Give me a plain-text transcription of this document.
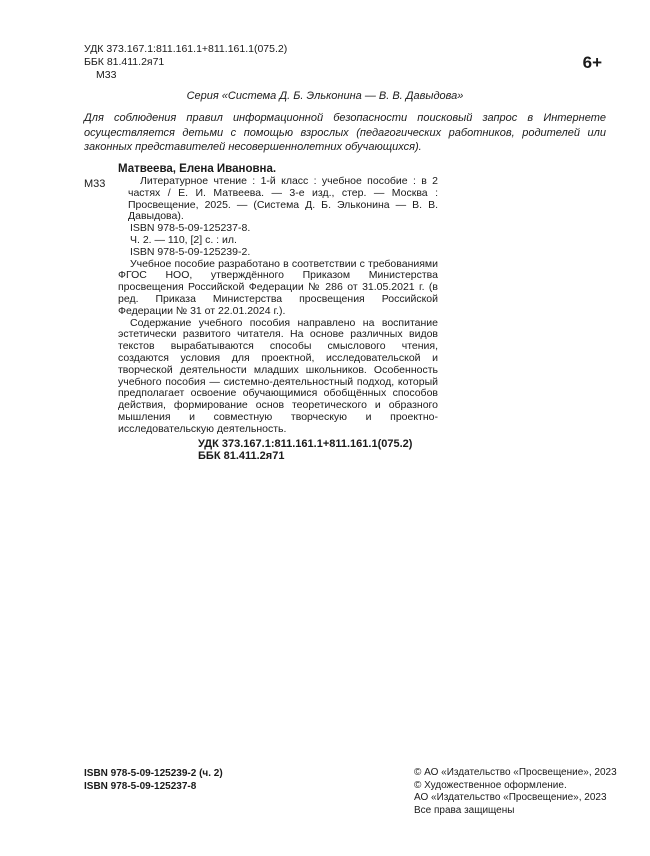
УДК 373.167.1:811.161.1+811.161.1(075.2)
ББК 81.411.2я71
М33
6+
Серия «Система Д. Б. Эльконина — В. В. Давыдова»
Для соблюдения правил информационной безопасности поисковый запрос в Интернете осуществляется детьми с помощью взрослых (педагогических работников, родителей или законных представителей несовершеннолетних обучающихся).
М33
Матвеева, Елена Ивановна.
Литературное чтение : 1-й класс : учебное пособие : в 2 частях / Е. И. Матвеева. — 3-е изд., стер. — Москва : Просвещение, 2025. — (Система Д. Б. Эльконина — В. В. Давыдова).
ISBN 978-5-09-125237-8.
Ч. 2. — 110, [2] с. : ил.
ISBN 978-5-09-125239-2.
Учебное пособие разработано в соответствии с требованиями ФГОС НОО, утверждённого Приказом Министерства просвещения Российской Федерации № 286 от 31.05.2021 г. (в ред. Приказа Министерства просвещения Российской Федерации № 31 от 22.01.2024 г.).
Содержание учебного пособия направлено на воспитание эстетически развитого читателя. На основе различных видов текстов вырабатываются способы смыслового чтения, создаются условия для проектной, исследовательской и творческой деятельности младших школьников. Особенность учебного пособия — системно-деятельностный подход, который предполагает освоение обучающимися обобщённых способов действия, формирование основ теоретического и образного мышления и совместную творческую и проектно-исследовательскую деятельность.
УДК 373.167.1:811.161.1+811.161.1(075.2)
ББК 81.411.2я71
ISBN 978-5-09-125239-2 (ч. 2)
ISBN 978-5-09-125237-8
© АО «Издательство «Просвещение», 2023
© Художественное оформление.
АО «Издательство «Просвещение», 2023
Все права защищены
